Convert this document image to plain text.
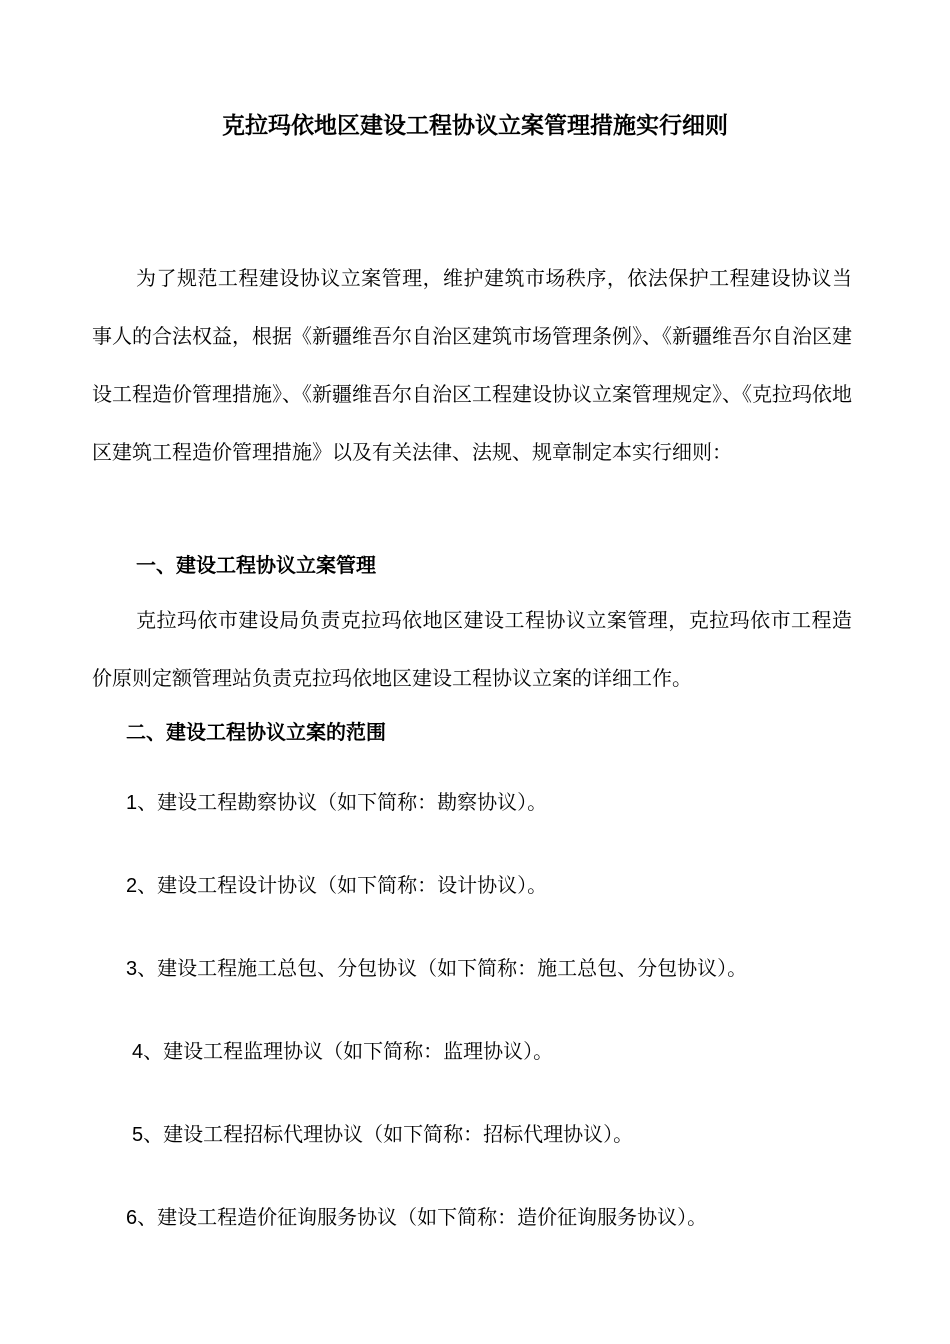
克拉玛依地区建设工程协议立案管理措施实行细则
为了规范工程建设协议立案管理，维护建筑市场秩序，依法保护工程建设协议当事人的合法权益，根据《新疆维吾尔自治区建筑市场管理条例》、《新疆维吾尔自治区建设工程造价管理措施》、《新疆维吾尔自治区工程建设协议立案管理规定》、《克拉玛依地区建筑工程造价管理措施》以及有关法律、法规、规章制定本实行细则：
一、建设工程协议立案管理
克拉玛依市建设局负责克拉玛依地区建设工程协议立案管理，克拉玛依市工程造价原则定额管理站负责克拉玛依地区建设工程协议立案的详细工作。
二、建设工程协议立案的范围
1、建设工程勘察协议（如下简称：勘察协议）。
2、建设工程设计协议（如下简称：设计协议）。
3、建设工程施工总包、分包协议（如下简称：施工总包、分包协议）。
4、建设工程监理协议（如下简称：监理协议）。
5、建设工程招标代理协议（如下简称：招标代理协议）。
6、建设工程造价征询服务协议（如下简称：造价征询服务协议）。
